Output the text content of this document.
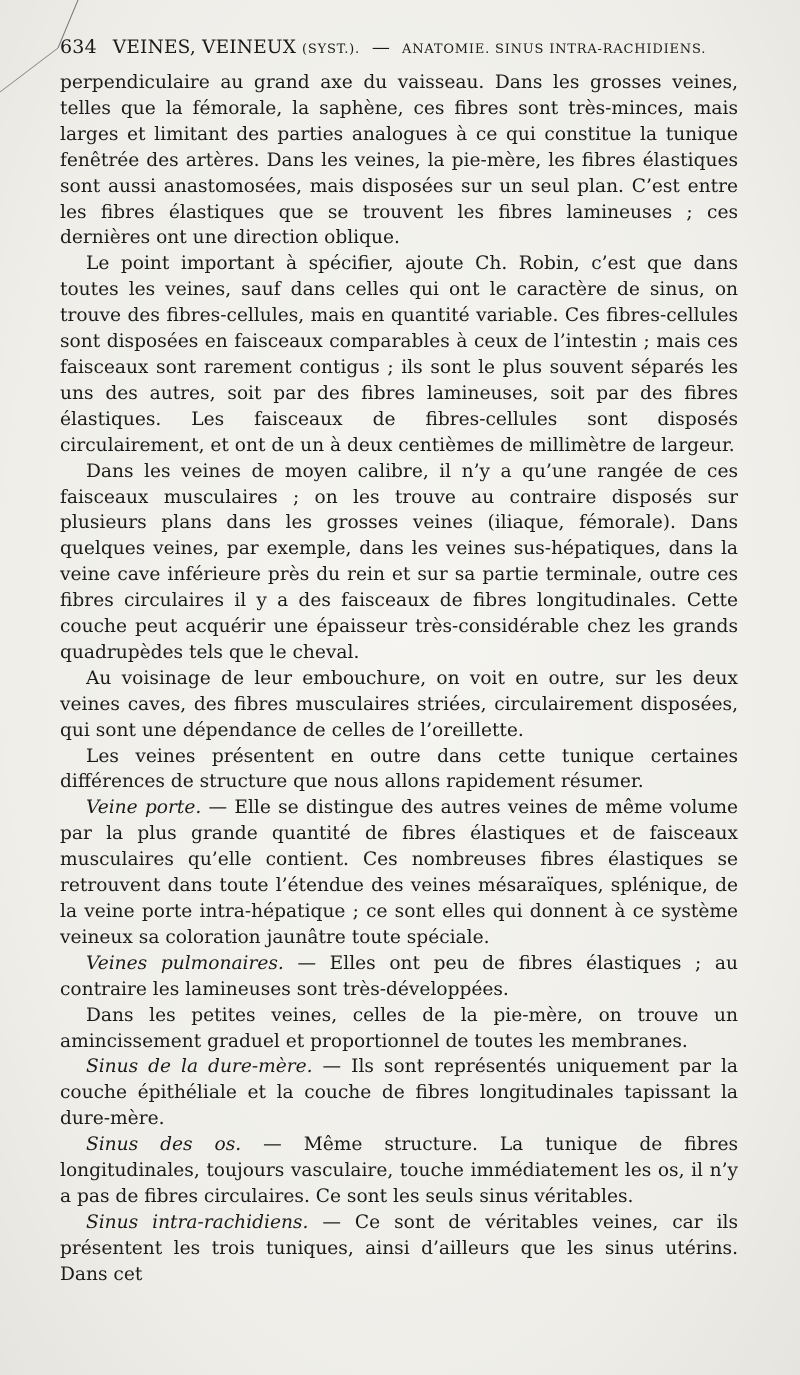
634 VEINES, VEINEUX (SYST.). — ANATOMIE. SINUS INTRA-RACHIDIENS.

perpendiculaire au grand axe du vaisseau. Dans les grosses veines, telles que la fémorale, la saphène, ces fibres sont très-minces, mais larges et limitant des parties analogues à ce qui constitue la tunique fenêtrée des artères. Dans les veines, la pie-mère, les fibres élastiques sont aussi anastomosées, mais disposées sur un seul plan. C’est entre les fibres élastiques que se trouvent les fibres lamineuses ; ces dernières ont une direction oblique.

Le point important à spécifier, ajoute Ch. Robin, c’est que dans toutes les veines, sauf dans celles qui ont le caractère de sinus, on trouve des fibres-cellules, mais en quantité variable. Ces fibres-cellules sont disposées en faisceaux comparables à ceux de l’intestin ; mais ces faisceaux sont rarement contigus ; ils sont le plus souvent séparés les uns des autres, soit par des fibres lamineuses, soit par des fibres élastiques. Les faisceaux de fibres-cellules sont disposés circulairement, et ont de un à deux centièmes de millimètre de largeur.

Dans les veines de moyen calibre, il n’y a qu’une rangée de ces faisceaux musculaires ; on les trouve au contraire disposés sur plusieurs plans dans les grosses veines (iliaque, fémorale). Dans quelques veines, par exemple, dans les veines sus-hépatiques, dans la veine cave inférieure près du rein et sur sa partie terminale, outre ces fibres circulaires il y a des faisceaux de fibres longitudinales. Cette couche peut acquérir une épaisseur très-considérable chez les grands quadrupèdes tels que le cheval.

Au voisinage de leur embouchure, on voit en outre, sur les deux veines caves, des fibres musculaires striées, circulairement disposées, qui sont une dépendance de celles de l’oreillette.

Les veines présentent en outre dans cette tunique certaines différences de structure que nous allons rapidement résumer.

Veine porte. — Elle se distingue des autres veines de même volume par la plus grande quantité de fibres élastiques et de faisceaux musculaires qu’elle contient. Ces nombreuses fibres élastiques se retrouvent dans toute l’étendue des veines mésaraïques, splénique, de la veine porte intra-hépatique ; ce sont elles qui donnent à ce système veineux sa coloration jaunâtre toute spéciale.

Veines pulmonaires. — Elles ont peu de fibres élastiques ; au contraire les lamineuses sont très-développées.

Dans les petites veines, celles de la pie-mère, on trouve un amincissement graduel et proportionnel de toutes les membranes.

Sinus de la dure-mère. — Ils sont représentés uniquement par la couche épithéliale et la couche de fibres longitudinales tapissant la dure-mère.

Sinus des os. — Même structure. La tunique de fibres longitudinales, toujours vasculaire, touche immédiatement les os, il n’y a pas de fibres circulaires. Ce sont les seuls sinus véritables.

Sinus intra-rachidiens. — Ce sont de véritables veines, car ils présentent les trois tuniques, ainsi d’ailleurs que les sinus utérins. Dans cet
